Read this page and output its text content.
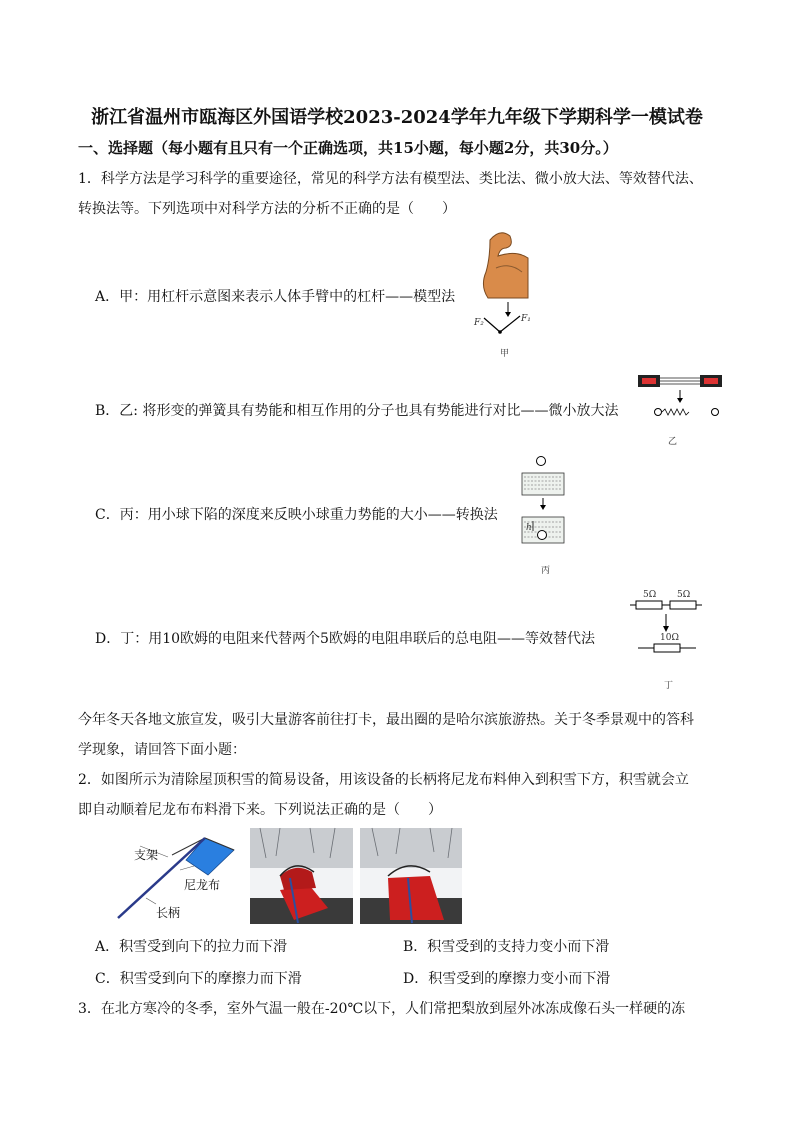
浙江省温州市瓯海区外国语学校2023-2024学年九年级下学期科学一模试卷
一、选择题（每小题有且只有一个正确选项，共15小题，每小题2分，共30分。）
1．科学方法是学习科学的重要途径，常见的科学方法有模型法、类比法、微小放大法、等效替代法、
转换法等。下列选项中对科学方法的分析不正确的是（　　）
A．甲：用杠杆示意图来表示人体手臂中的杠杆——模型法
B．乙: 将形变的弹簧具有势能和相互作用的分子也具有势能进行对比——微小放大法
C．丙：用小球下陷的深度来反映小球重力势能的大小——转换法
D．丁：用10欧姆的电阻来代替两个5欧姆的电阻串联后的总电阻——等效替代法
F₂	F₁
甲
乙
h
丙
5Ω 5Ω
10Ω
丁
今年冬天各地文旅宣发，吸引大量游客前往打卡，最出圈的是哈尔滨旅游热。关于冬季景观中的答科
学现象，请回答下面小题：
2．如图所示为清除屋顶积雪的简易设备，用该设备的长柄将尼龙布料伸入到积雪下方，积雪就会立
即自动顺着尼龙布布料滑下来。下列说法正确的是（　　）
支架
尼龙布
长柄
A．积雪受到向下的拉力而下滑	B．积雪受到的支持力变小而下滑
C．积雪受到向下的摩擦力而下滑	D．积雪受到的摩擦力变小而下滑
3．在北方寒冷的冬季，室外气温一般在-20℃以下，人们常把梨放到屋外冰冻成像石头一样硬的冻
